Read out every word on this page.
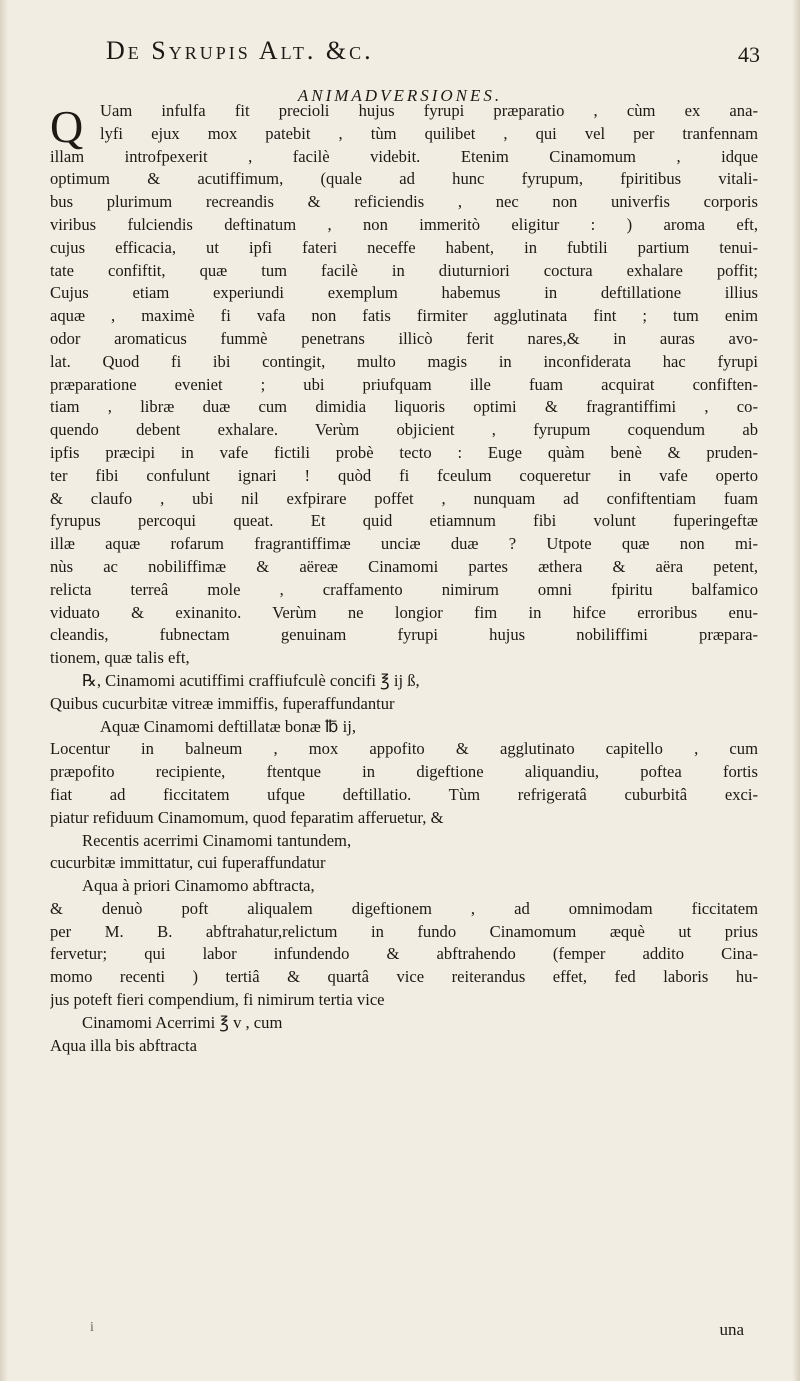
De Syrupis Alt. &c.	43
ANIMADVERSIONES.
Q	Uam infulfa fit precioli hujus fyrupi præparatio , cùm ex ana-
lyfi ejux mox patebit , tùm quilibet , qui vel per tranfennam
illam introfpexerit , facilè videbit. Etenim Cinamomum , idque
optimum & acutiffimum, (quale ad hunc fyrupum, fpiritibus vitali-
bus plurimum recreandis & reficiendis , nec non univerfis corporis
viribus fulciendis deftinatum , non immeritò eligitur : ) aroma eft,
cujus efficacia, ut ipfi fateri neceffe habent, in fubtili partium tenui-
tate confiftit, quæ tum facilè in diuturniori coctura exhalare poffit;
Cujus etiam experiundi exemplum habemus in deftillatione illius
aquæ , maximè fi vafa non fatis firmiter agglutinata fint ; tum enim
odor aromaticus fummè penetrans illicò ferit nares,& in auras avo-
lat. Quod fi ibi contingit, multo magis in inconfiderata hac fyrupi
præparatione eveniet ; ubi priufquam ille fuam acquirat confiften-
tiam , libræ duæ cum dimidia liquoris optimi & fragrantiffimi , co-
quendo debent exhalare. Verùm objicient , fyrupum coquendum ab
ipfis præcipi in vafe fictili probè tecto : Euge quàm benè & pruden-
ter fibi confulunt ignari ! quòd fi fceulum coqueretur in vafe operto
& claufo , ubi nil exfpirare poffet , nunquam ad confiftentiam fuam
fyrupus percoqui queat. Et quid etiamnum fibi volunt fuperingeftæ
illæ aquæ rofarum fragrantiffimæ unciæ duæ ? Utpote quæ non mi-
nùs ac nobiliffimæ & aëreæ Cinamomi partes æthera & aëra petent,
relicta terreâ mole , craffamento nimirum omni fpiritu balfamico
viduato & exinanito. Verùm ne longior fim in hifce erroribus enu-
cleandis, fubnectam genuinam fyrupi hujus nobiliffimi præpara-
tionem, quæ talis eft,
℞, Cinamomi acutiffimi craffiufculè concifi ℥ ij ß,
Quibus cucurbitæ vitreæ immiffis, fuperaffundantur
Aquæ Cinamomi deftillatæ bonæ ℔ ij,
Locentur in balneum , mox appofito & agglutinato capitello , cum
præpofito recipiente, ftentque in digeftione aliquandiu, poftea fortis
fiat ad ficcitatem ufque deftillatio. Tùm refrigeratâ cuburbitâ exci-
piatur refiduum Cinamomum, quod feparatim afferuetur, &
Recentis acerrimi Cinamomi tantundem,
cucurbitæ immittatur, cui fuperaffundatur
Aqua à priori Cinamomo abftracta,
& denuò poft aliqualem digeftionem , ad omnimodam ficcitatem
per M. B. abftrahatur,relictum in fundo Cinamomum æquè ut prius
fervetur; qui labor infundendo & abftrahendo (femper addito Cina-
momo recenti ) tertiâ & quartâ vice reiterandus effet, fed laboris hu-
jus poteft fieri compendium, fi nimirum tertia vice
Cinamomi Acerrimi ℥ v , cum
Aqua illa bis abftracta
i	una
